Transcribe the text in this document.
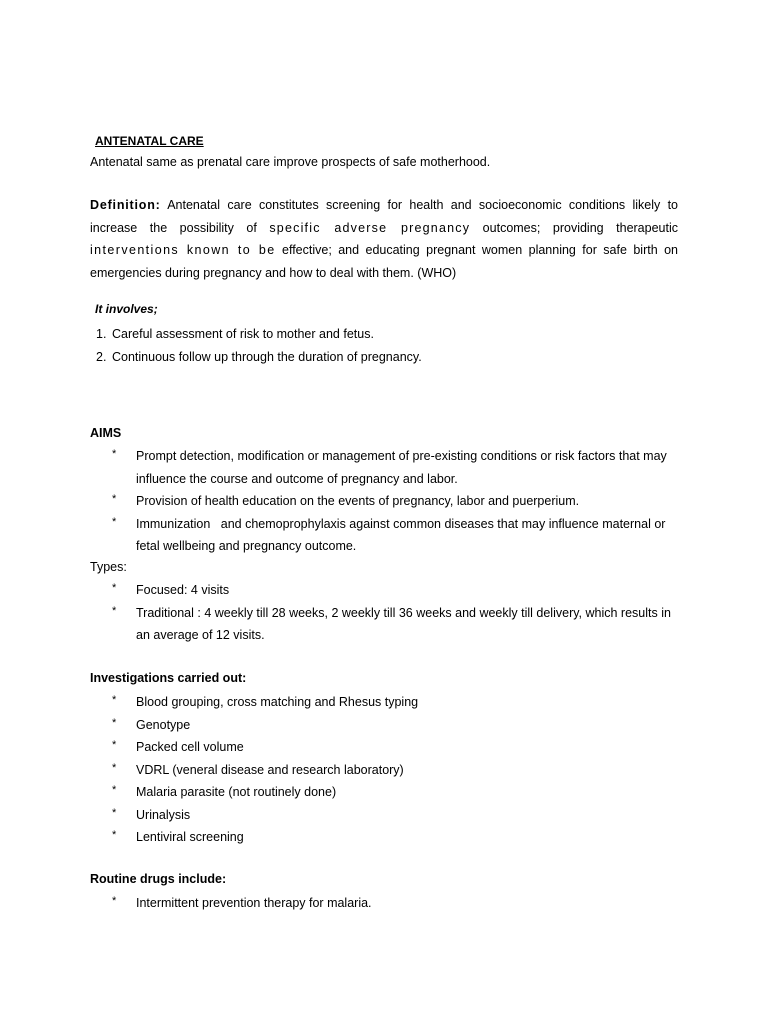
ANTENATAL CARE
Antenatal same as prenatal care improve prospects of safe motherhood.
Definition: Antenatal care constitutes screening for health and socioeconomic conditions likely to increase the possibility of specific adverse pregnancy outcomes; providing therapeutic interventions known to be effective; and educating pregnant women planning for safe birth on emergencies during pregnancy and how to deal with them. (WHO)
It involves;
1. Careful assessment of risk to mother and fetus.
2. Continuous follow up through the duration of pregnancy.
AIMS
* Prompt detection, modification or management of pre-existing conditions or risk factors that may influence the course and outcome of pregnancy and labor.
* Provision of health education on the events of pregnancy, labor and puerperium.
* Immunization   and chemoprophylaxis against common diseases that may influence maternal or fetal wellbeing and pregnancy outcome.
Types:
* Focused: 4 visits
* Traditional : 4 weekly till 28 weeks, 2 weekly till 36 weeks and weekly till delivery, which results in an average of 12 visits.
Investigations carried out:
* Blood grouping, cross matching and Rhesus typing
* Genotype
* Packed cell volume
* VDRL (veneral disease and research laboratory)
* Malaria parasite (not routinely done)
* Urinalysis
* Lentiviral screening
Routine drugs include:
* Intermittent prevention therapy for malaria.
